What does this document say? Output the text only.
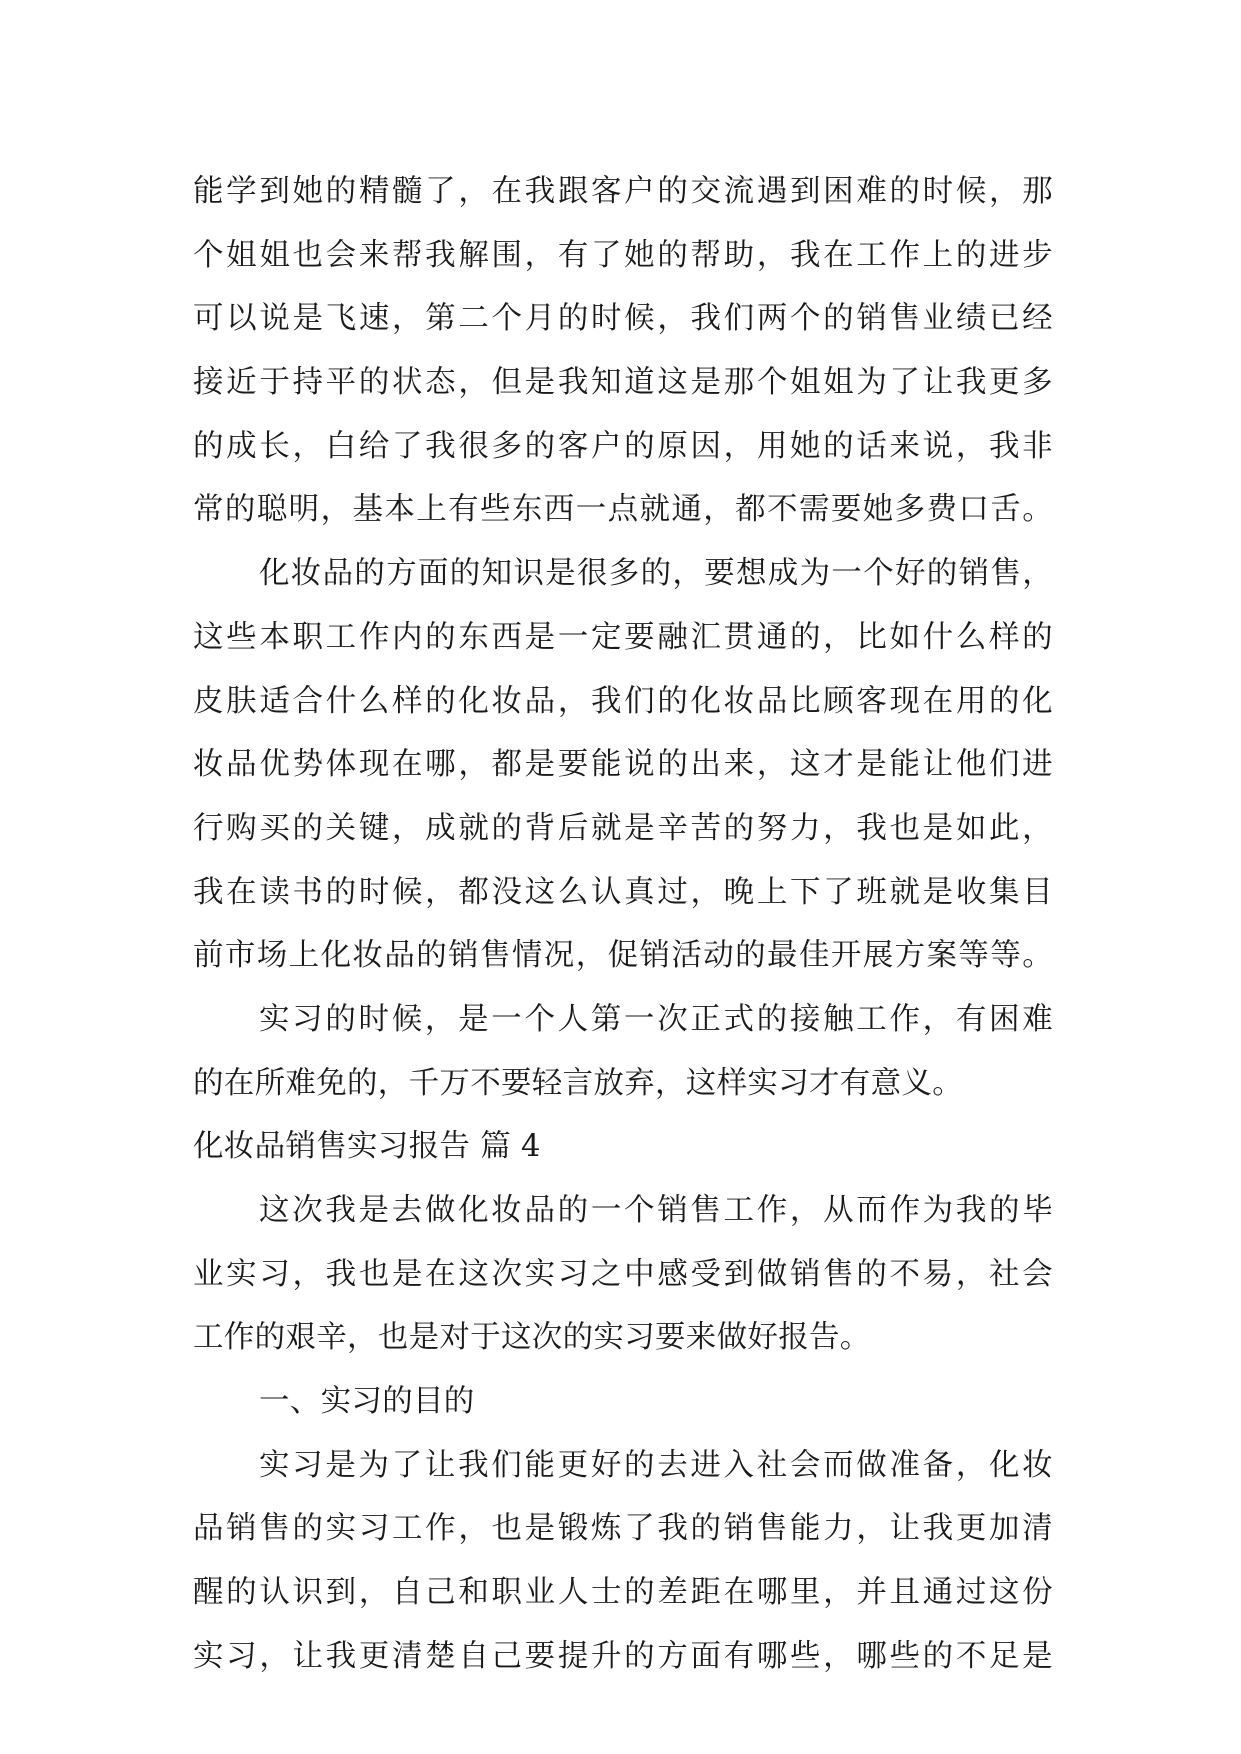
能学到她的精髓了，在我跟客户的交流遇到困难的时候，那
个姐姐也会来帮我解围，有了她的帮助，我在工作上的进步
可以说是飞速，第二个月的时候，我们两个的销售业绩已经
接近于持平的状态，但是我知道这是那个姐姐为了让我更多
的成长，白给了我很多的客户的原因，用她的话来说，我非
常的聪明，基本上有些东西一点就通，都不需要她多费口舌。
化妆品的方面的知识是很多的，要想成为一个好的销售，
这些本职工作内的东西是一定要融汇贯通的，比如什么样的
皮肤适合什么样的化妆品，我们的化妆品比顾客现在用的化
妆品优势体现在哪，都是要能说的出来，这才是能让他们进
行购买的关键，成就的背后就是辛苦的努力，我也是如此，
我在读书的时候，都没这么认真过，晚上下了班就是收集目
前市场上化妆品的销售情况，促销活动的最佳开展方案等等。
实习的时候，是一个人第一次正式的接触工作，有困难
的在所难免的，千万不要轻言放弃，这样实习才有意义。
化妆品销售实习报告 篇 4
这次我是去做化妆品的一个销售工作，从而作为我的毕
业实习，我也是在这次实习之中感受到做销售的不易，社会
工作的艰辛，也是对于这次的实习要来做好报告。
一、实习的目的
实习是为了让我们能更好的去进入社会而做准备，化妆
品销售的实习工作，也是锻炼了我的销售能力，让我更加清
醒的认识到，自己和职业人士的差距在哪里，并且通过这份
实习，让我更清楚自己要提升的方面有哪些，哪些的不足是
